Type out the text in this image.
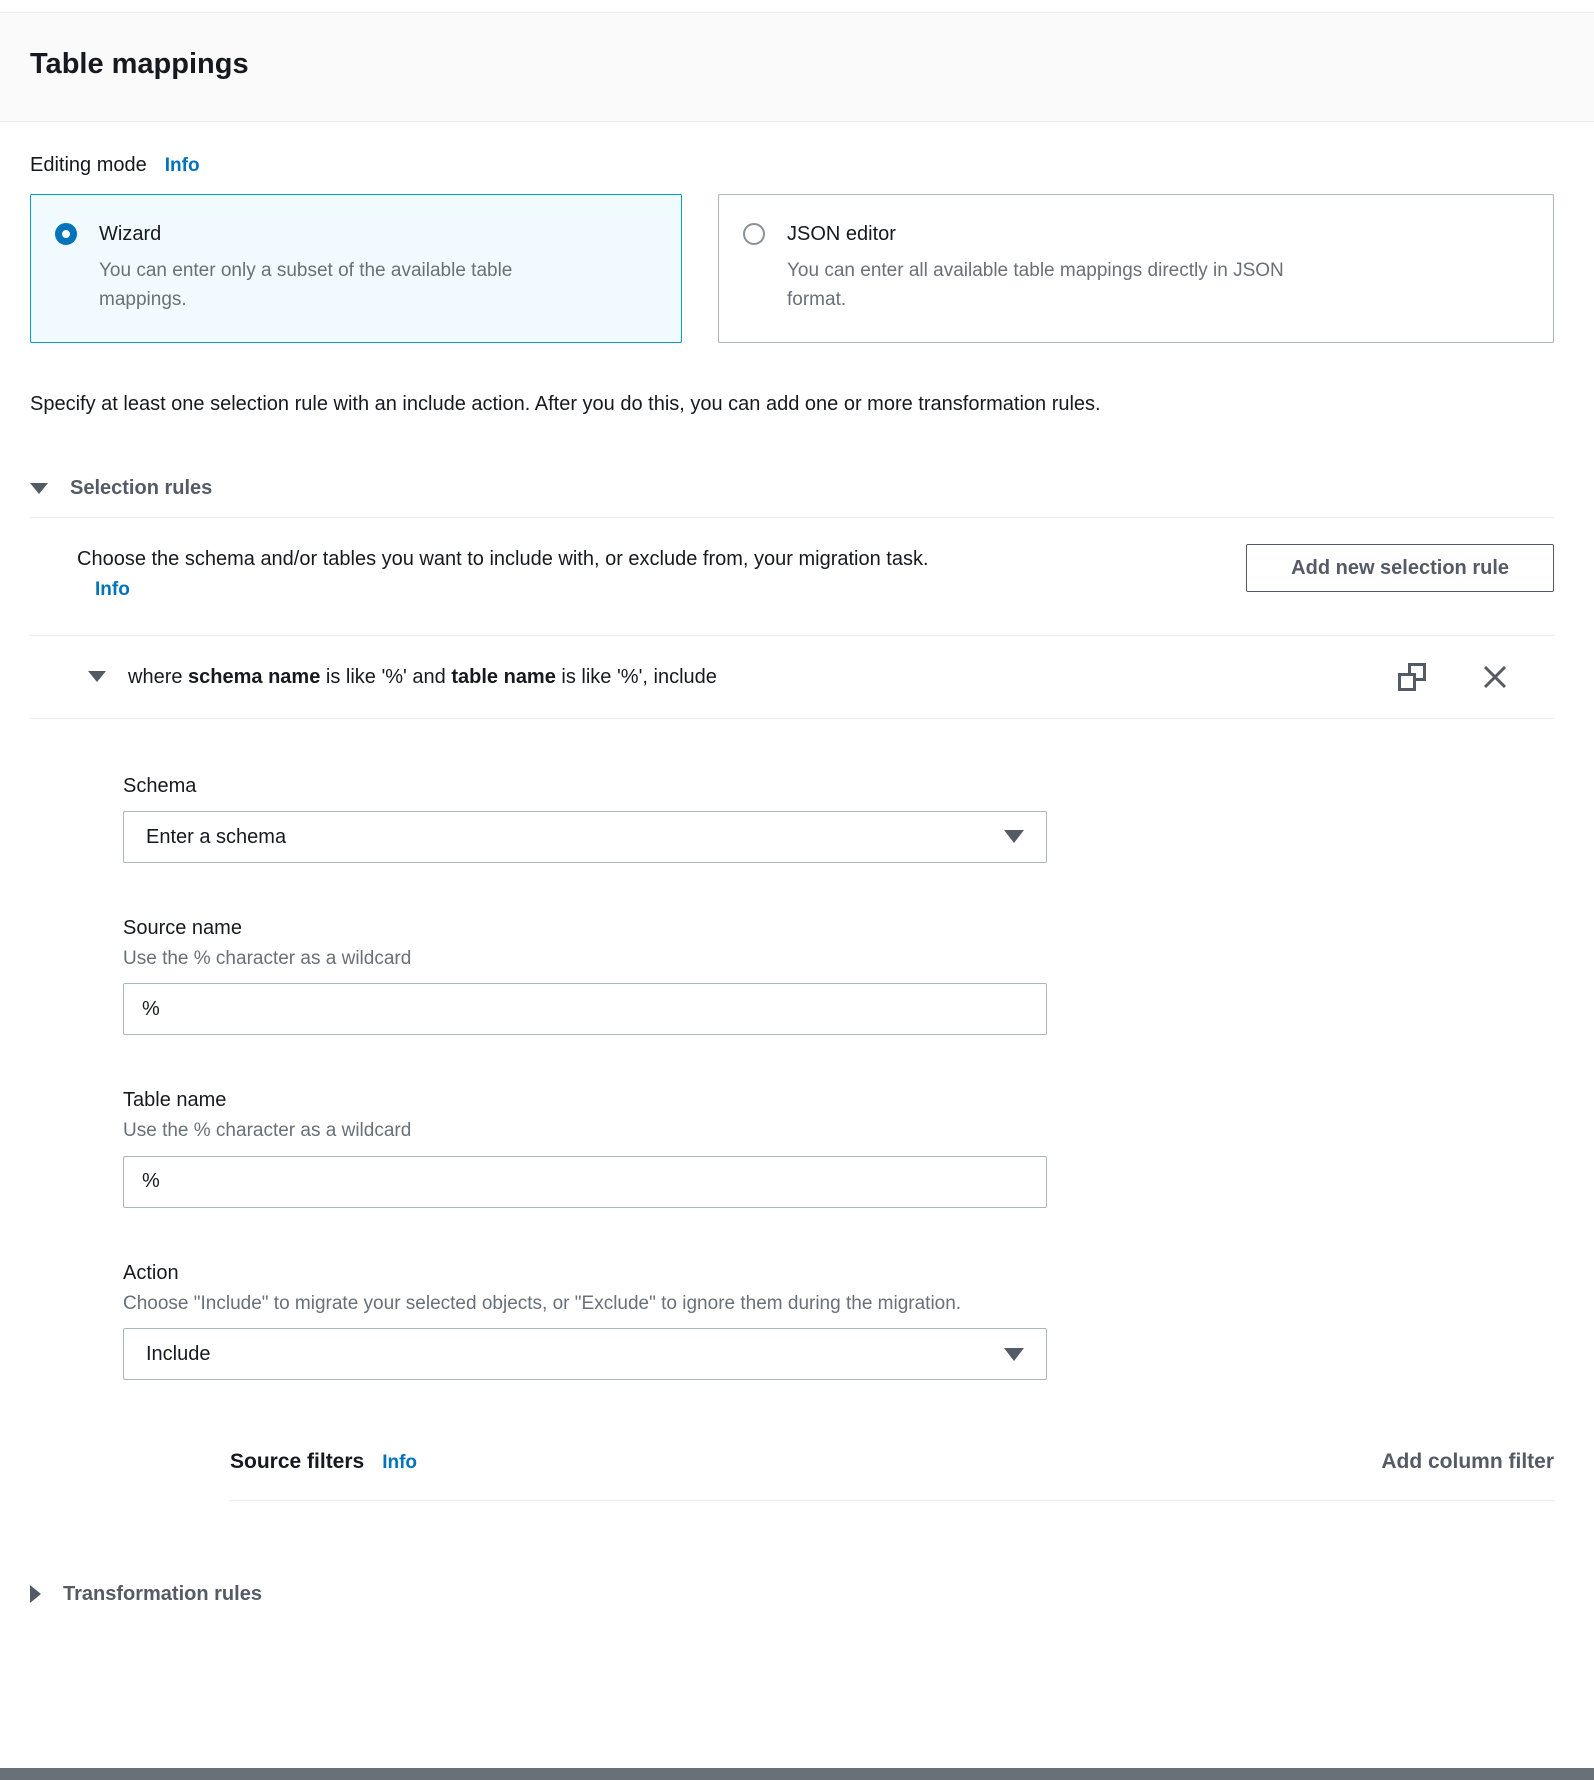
Table mappings
Editing mode Info
Wizard
You can enter only a subset of the available table mappings.
JSON editor
You can enter all available table mappings directly in JSON format.
Specify at least one selection rule with an include action. After you do this, you can add one or more transformation rules.
Selection rules
Choose the schema and/or tables you want to include with, or exclude from, your migration task. Info
Add new selection rule
where schema name is like '%' and table name is like '%', include
Schema
Enter a schema
Source name
Use the % character as a wildcard
%
Table name
Use the % character as a wildcard
%
Action
Choose "Include" to migrate your selected objects, or "Exclude" to ignore them during the migration.
Include
Source filters Info	Add column filter
Transformation rules
